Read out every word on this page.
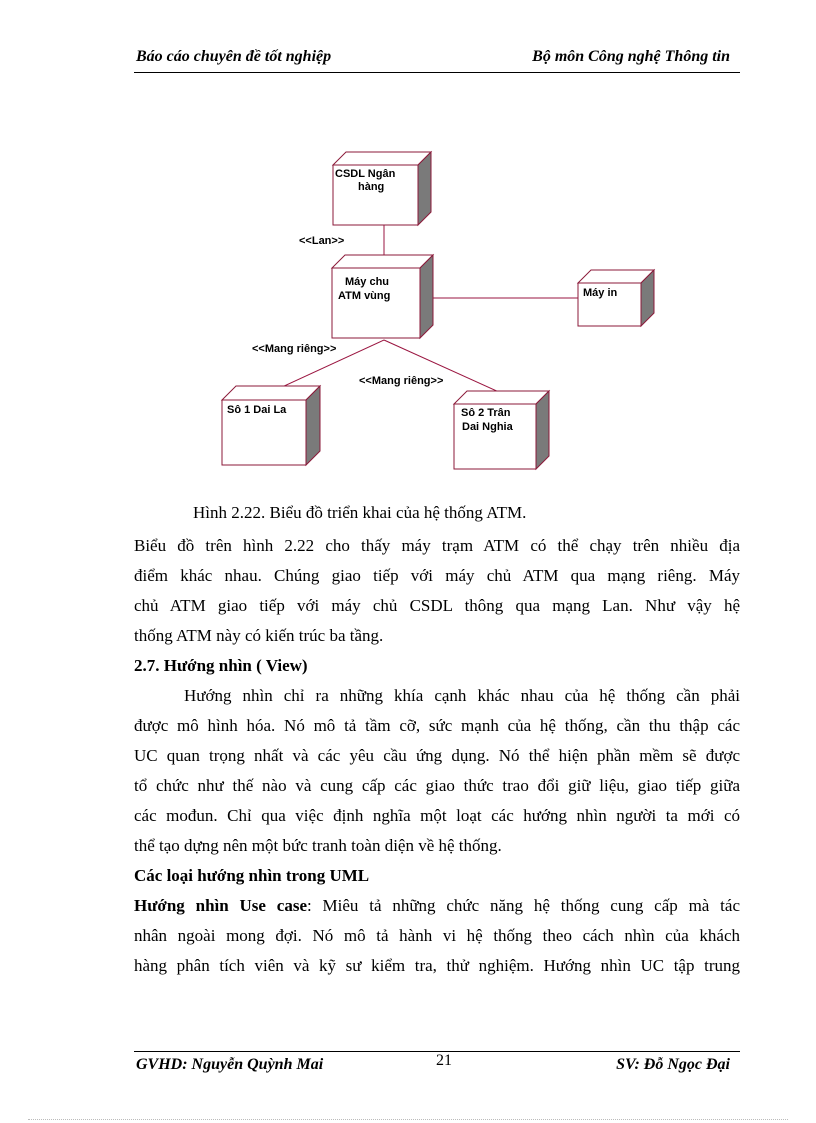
Báo cáo chuyên đề tốt nghiệp	Bộ môn Công nghệ Thông tin
CSDL Ngân
hàng
Máy chu
ATM vùng	Máy in
Sô 1 Dai La	Sô 2 Trân
Dai Nghia
<<Lan>>
<<Mang riêng>>
<<Mang riêng>>
Hình 2.22. Biểu đồ triển khai của hệ thống ATM.
Biểu đồ trên hình 2.22 cho thấy máy trạm ATM có thể chạy trên nhiều địa
điểm khác nhau. Chúng giao tiếp với máy chủ ATM qua mạng riêng. Máy
chủ ATM giao tiếp với máy chủ CSDL thông qua mạng Lan. Như vậy hệ
thống ATM này có kiến trúc ba tầng.
2.7. Hướng nhìn ( View)
Hướng nhìn chỉ ra những khía cạnh khác nhau của hệ thống cần phải
được mô hình hóa. Nó mô tả tầm cỡ, sức mạnh của hệ thống, cần thu thập các
UC quan trọng nhất và các yêu cầu ứng dụng. Nó thể hiện phần mềm sẽ được
tổ chức như thế nào và cung cấp các giao thức trao đổi giữ liệu, giao tiếp giữa
các mođun. Chỉ qua việc định nghĩa một loạt các hướng nhìn người ta mới có
thể tạo dựng nên một bức tranh toàn diện về hệ thống.
Các loại hướng nhìn trong UML
Hướng nhìn Use case: Miêu tả những chức năng hệ thống cung cấp mà tác
nhân ngoài mong đợi. Nó mô tả hành vi hệ thống theo cách nhìn của khách
hàng phân tích viên và kỹ sư kiểm tra, thử nghiệm. Hướng nhìn UC tập trung
GVHD: Nguyễn Quỳnh Mai	21	SV: Đỗ Ngọc Đại
